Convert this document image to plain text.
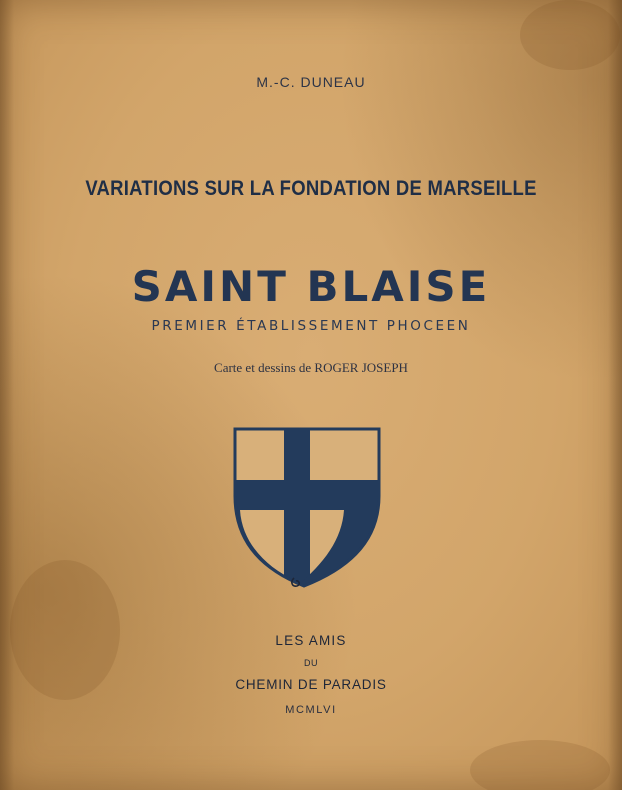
M.-C. DUNEAU
VARIATIONS SUR LA FONDATION DE MARSEILLE
SAINT BLAISE
PREMIER ÉTABLISSEMENT PHOCEEN
Carte et dessins de ROGER JOSEPH
LES AMIS
DU
CHEMIN DE PARADIS
MCMLVI
